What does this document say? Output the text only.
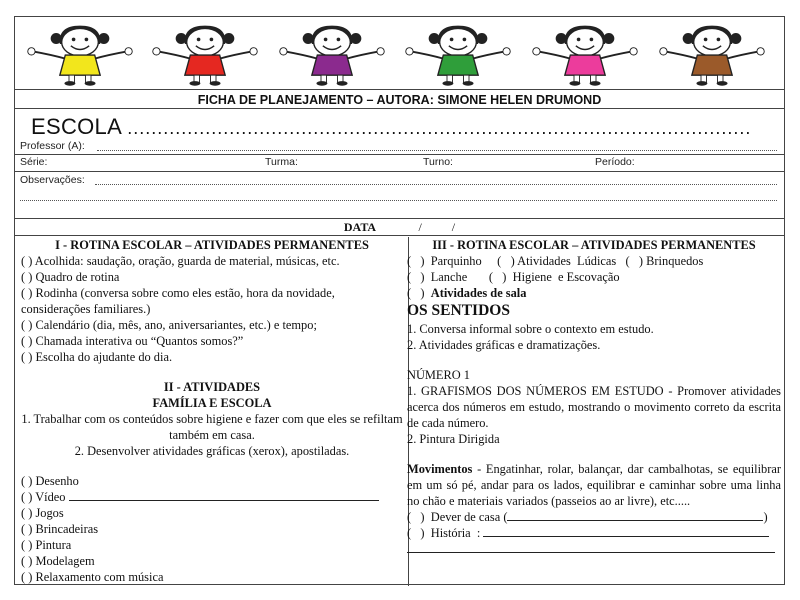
FICHA DE PLANEJAMENTO – AUTORA: SIMONE HELEN DRUMOND
ESCOLA ........................................................................................................
Professor (A):
Série:	Turma:	Turno:	Período:
Observações:
DATA	/          /

I - ROTINA ESCOLAR – ATIVIDADES PERMANENTES

( ) Acolhida: saudação, oração, guarda de material, músicas, etc.

( ) Quadro de rotina

( ) Rodinha (conversa sobre como eles estão, hora da novidade, considerações familiares.)

( ) Calendário (dia, mês, ano, aniversariantes, etc.) e tempo;

( ) Chamada interativa ou “Quantos somos?”

( ) Escolha do ajudante do dia.

II - ATIVIDADES

FAMÍLIA E ESCOLA

1. Trabalhar com os conteúdos sobre higiene e fazer com que eles se refiltam também em casa.

2. Desenvolver atividades gráficas (xerox), apostiladas.

( ) Desenho

( ) Vídeo

( ) Jogos

( ) Brincadeiras

( ) Pintura

( ) Modelagem

( ) Relaxamento com música

III - ROTINA ESCOLAR – ATIVIDADES PERMANENTES

(   )  Parquinho     (   ) Atividades  Lúdicas   (   ) Brinquedos

(   )  Lanche       (   )  Higiene  e Escovação

(   )  Atividades de sala

OS SENTIDOS

1. Conversa informal sobre o contexto em estudo.

2. Atividades gráficas e dramatizações.

NÚMERO 1

1. GRAFISMOS DOS NÚMEROS EM ESTUDO - Promover atividades acerca dos números em estudo, mostrando o movimento correto da escrita de cada número.

2. Pintura Dirigida

Movimentos - Engatinhar, rolar, balançar, dar cambalhotas, se equilibrar em um só pé, andar para os lados, equilibrar e caminhar sobre uma linha no chão e materiais variados (passeios ao ar livre), etc.....

(   )  Dever de casa (	)

(   )  História  :
